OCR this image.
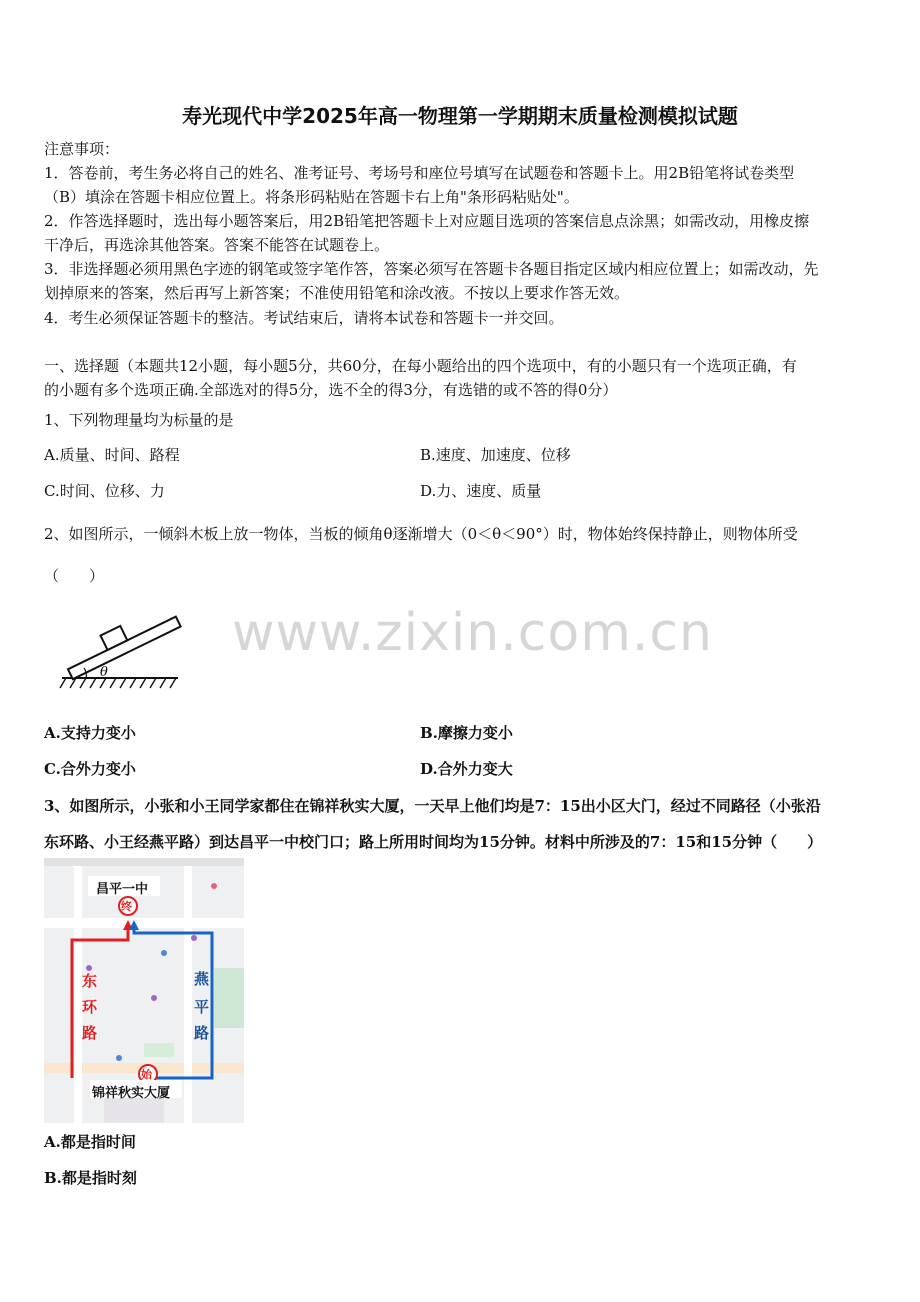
寿光现代中学2025年高一物理第一学期期末质量检测模拟试题
注意事项：
1．答卷前，考生务必将自己的姓名、准考证号、考场号和座位号填写在试题卷和答题卡上。用2B铅笔将试卷类型
（B）填涂在答题卡相应位置上。将条形码粘贴在答题卡右上角"条形码粘贴处"。
2．作答选择题时，选出每小题答案后，用2B铅笔把答题卡上对应题目选项的答案信息点涂黑；如需改动，用橡皮擦
干净后，再选涂其他答案。答案不能答在试题卷上。
3．非选择题必须用黑色字迹的钢笔或签字笔作答，答案必须写在答题卡各题目指定区域内相应位置上；如需改动，先
划掉原来的答案，然后再写上新答案；不准使用铅笔和涂改液。不按以上要求作答无效。
4．考生必须保证答题卡的整洁。考试结束后，请将本试卷和答题卡一并交回。
一、选择题（本题共12小题，每小题5分，共60分，在每小题给出的四个选项中，有的小题只有一个选项正确，有
的小题有多个选项正确.全部选对的得5分，选不全的得3分，有选错的或不答的得0分）
1、下列物理量均为标量的是
A.质量、时间、路程	B.速度、加速度、位移
C.时间、位移、力	D.力、速度、质量
2、如图所示，一倾斜木板上放一物体，当板的倾角θ逐渐增大（0＜θ＜90°）时，物体始终保持静止，则物体所受
（　　）
www.zixin.com.cn
θ
A.支持力变小	B.摩擦力变小
C.合外力变小	D.合外力变大
3、如图所示，小张和小王同学家都住在锦祥秋实大厦，一天早上他们均是7：15出小区大门，经过不同路径（小张沿
东环路、小王经燕平路）到达昌平一中校门口；路上所用时间均为15分钟。材料中所涉及的7：15和15分钟（　　）
昌平一中
终
始
锦祥秋实大厦
东
环
路
燕
平
路
A.都是指时间
B.都是指时刻
